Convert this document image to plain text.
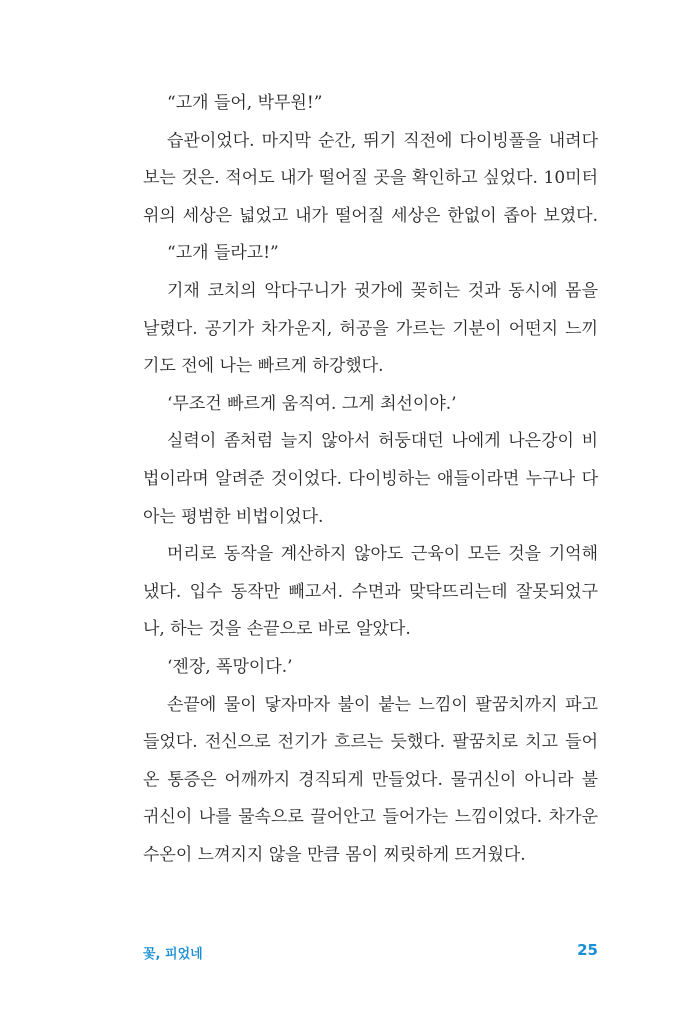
“고개 들어, 박무원!”
습관이었다. 마지막 순간, 뛰기 직전에 다이빙풀을 내려다
보는 것은. 적어도 내가 떨어질 곳을 확인하고 싶었다. 10미터
위의 세상은 넓었고 내가 떨어질 세상은 한없이 좁아 보였다.
“고개 들라고!”
기재 코치의 악다구니가 귓가에 꽂히는 것과 동시에 몸을
날렸다. 공기가 차가운지, 허공을 가르는 기분이 어떤지 느끼
기도 전에 나는 빠르게 하강했다.
‘무조건 빠르게 움직여. 그게 최선이야.’
실력이 좀처럼 늘지 않아서 허둥대던 나에게 나은강이 비
법이라며 알려준 것이었다. 다이빙하는 애들이라면 누구나 다
아는 평범한 비법이었다.
머리로 동작을 계산하지 않아도 근육이 모든 것을 기억해
냈다. 입수 동작만 빼고서. 수면과 맞닥뜨리는데 잘못되었구
나, 하는 것을 손끝으로 바로 알았다.
‘젠장, 폭망이다.’
손끝에 물이 닿자마자 불이 붙는 느낌이 팔꿈치까지 파고
들었다. 전신으로 전기가 흐르는 듯했다. 팔꿈치로 치고 들어
온 통증은 어깨까지 경직되게 만들었다. 물귀신이 아니라 불
귀신이 나를 물속으로 끌어안고 들어가는 느낌이었다. 차가운
수온이 느껴지지 않을 만큼 몸이 찌릿하게 뜨거웠다.
꽃, 피었네	25
